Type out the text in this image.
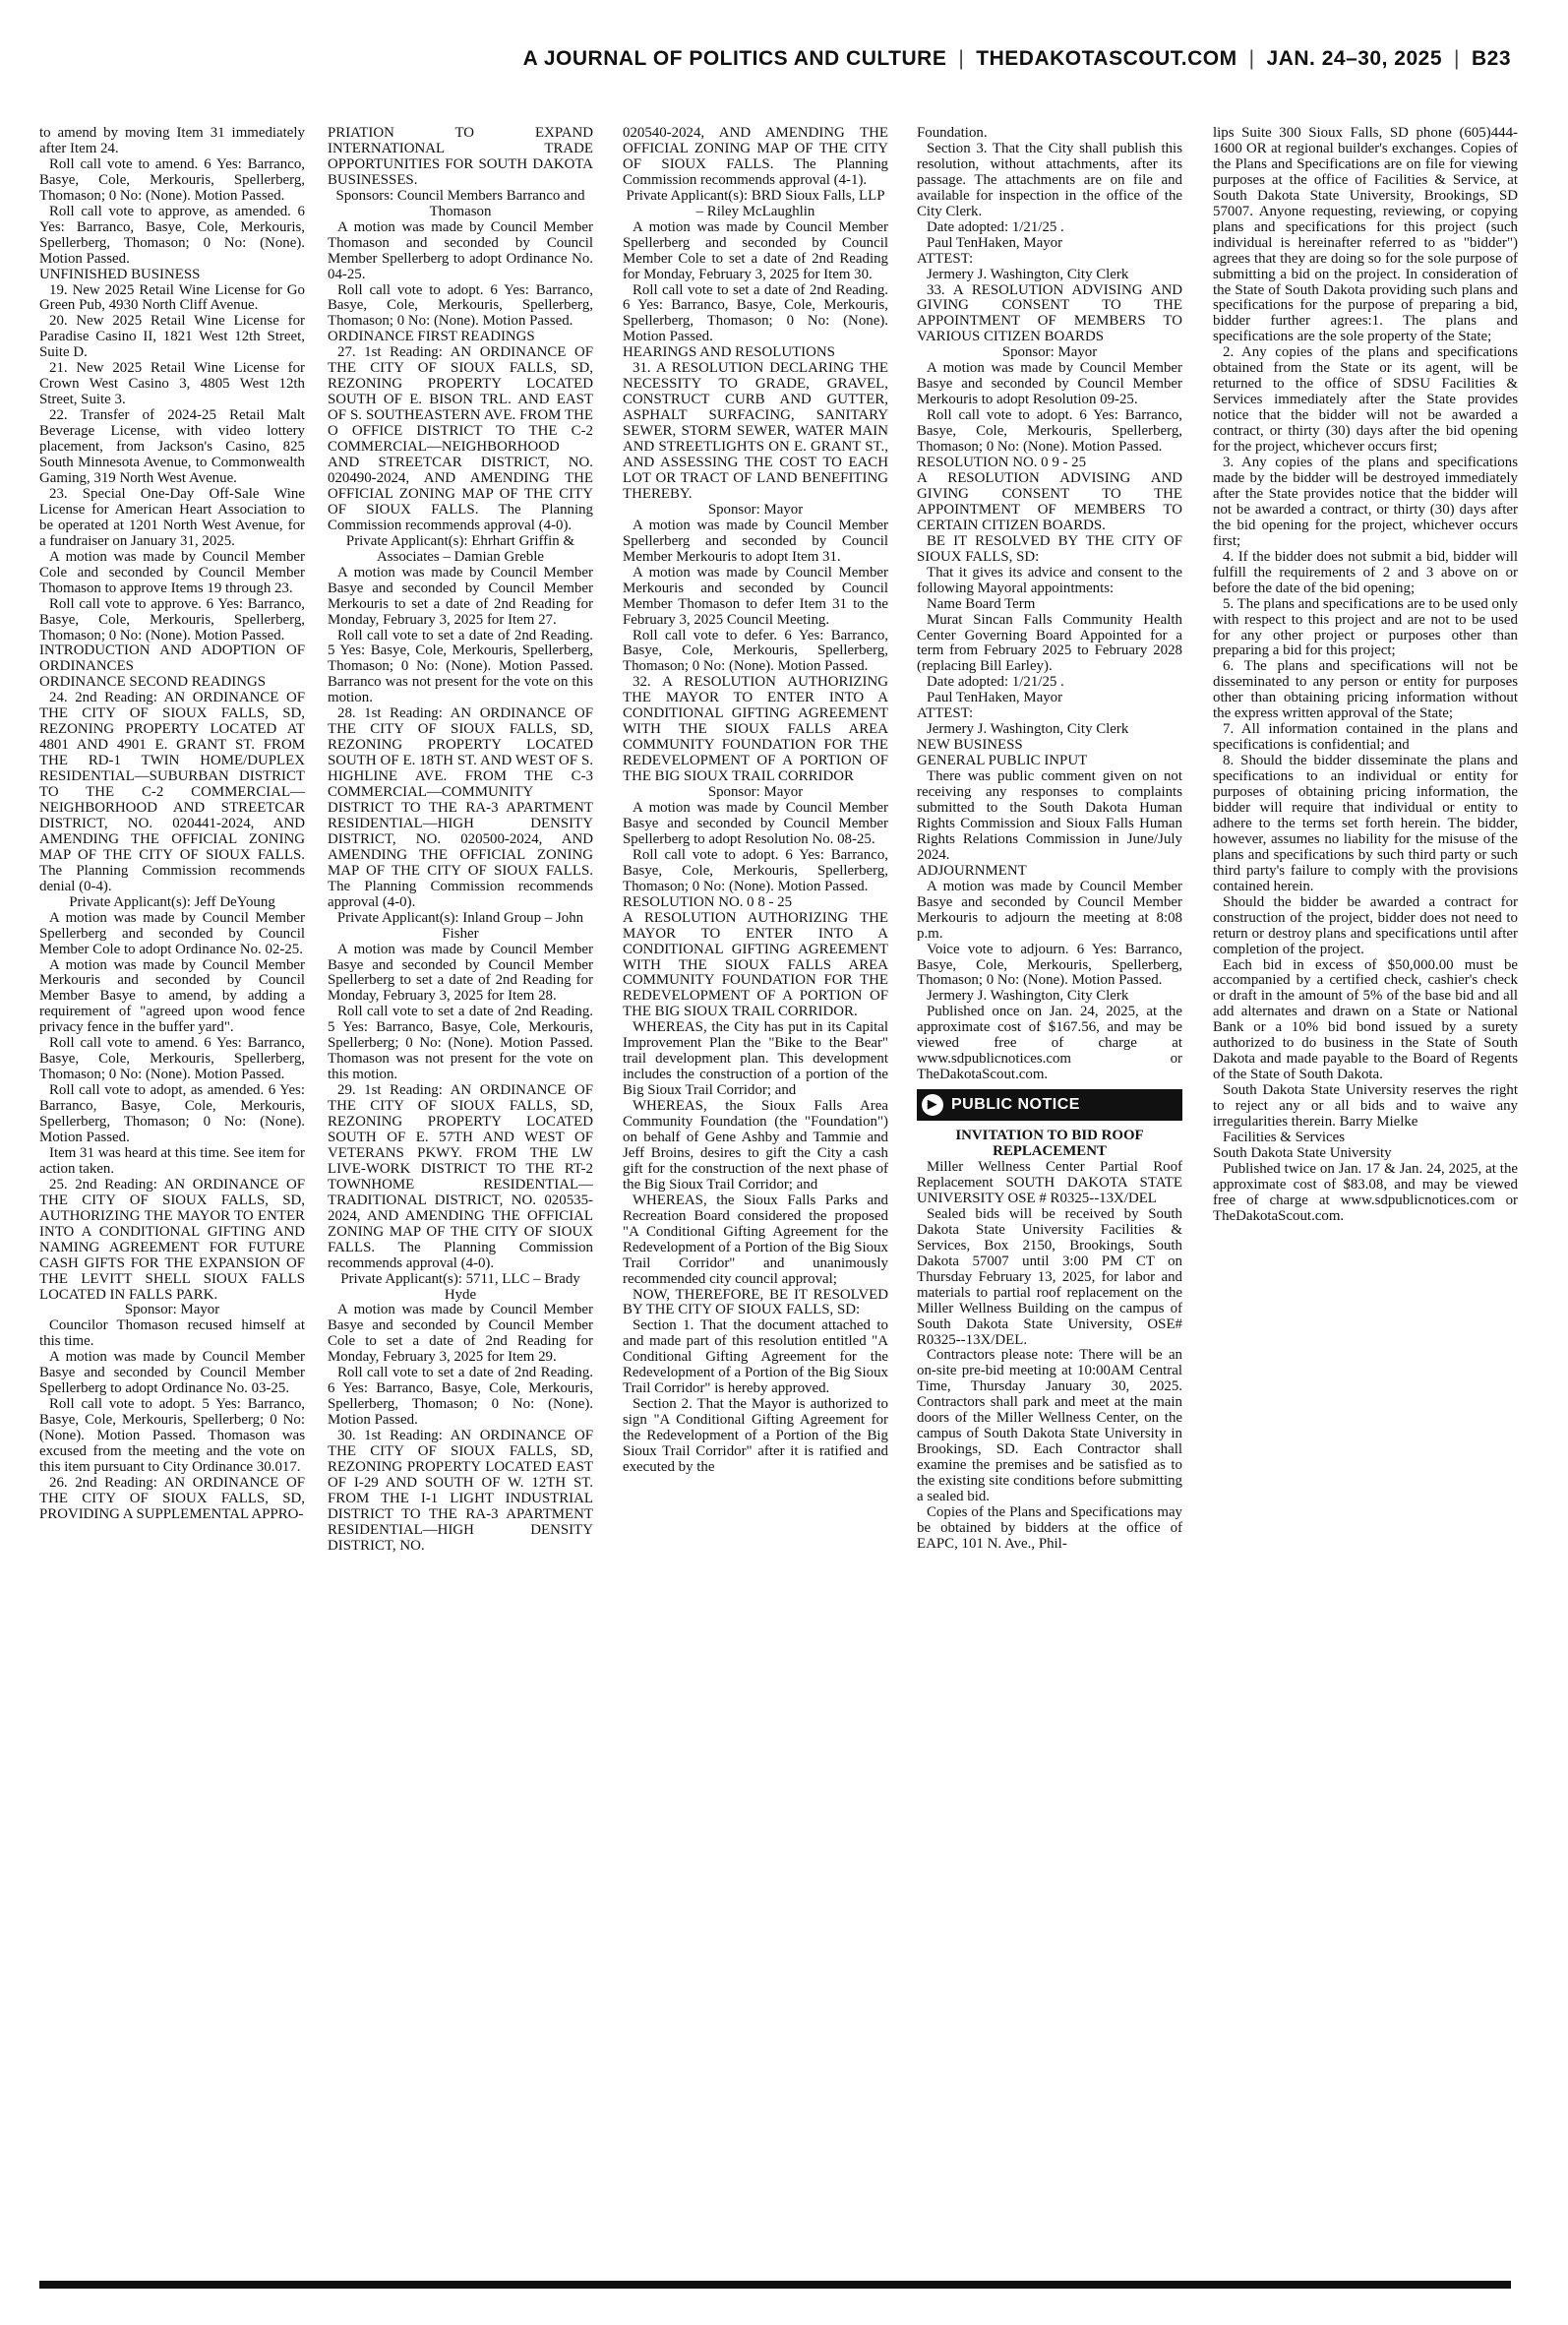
A JOURNAL OF POLITICS AND CULTURE | THEDAKOTASCOUT.COM | JAN. 24–30, 2025 | B23

to amend by moving Item 31 immediately after Item 24.

Roll call vote to amend. 6 Yes: Barranco, Basye, Cole, Merkouris, Spellerberg, Thomason; 0 No: (None). Motion Passed.

Roll call vote to approve, as amended. 6 Yes: Barranco, Basye, Cole, Merkouris, Spellerberg, Thomason; 0 No: (None). Motion Passed.

UNFINISHED BUSINESS

19. New 2025 Retail Wine License for Go Green Pub, 4930 North Cliff Avenue.

20. New 2025 Retail Wine License for Paradise Casino II, 1821 West 12th Street, Suite D.

21. New 2025 Retail Wine License for Crown West Casino 3, 4805 West 12th Street, Suite 3.

22. Transfer of 2024-25 Retail Malt Beverage License, with video lottery placement, from Jackson's Casino, 825 South Minnesota Avenue, to Commonwealth Gaming, 319 North West Avenue.

23. Special One-Day Off-Sale Wine License for American Heart Association to be operated at 1201 North West Avenue, for a fundraiser on January 31, 2025.

A motion was made by Council Member Cole and seconded by Council Member Thomason to approve Items 19 through 23.

Roll call vote to approve. 6 Yes: Barranco, Basye, Cole, Merkouris, Spellerberg, Thomason; 0 No: (None). Motion Passed.

INTRODUCTION AND ADOPTION OF ORDINANCES

ORDINANCE SECOND READINGS

24. 2nd Reading: AN ORDINANCE OF THE CITY OF SIOUX FALLS, SD, REZONING PROPERTY LOCATED AT 4801 AND 4901 E. GRANT ST. FROM THE RD-1 TWIN HOME/DUPLEX RESIDENTIAL—SUBURBAN DISTRICT TO THE C-2 COMMERCIAL—NEIGHBORHOOD AND STREETCAR DISTRICT, NO. 020441-2024, AND AMENDING THE OFFICIAL ZONING MAP OF THE CITY OF SIOUX FALLS. The Planning Commission recommends denial (0-4).

Private Applicant(s): Jeff DeYoung

A motion was made by Council Member Spellerberg and seconded by Council Member Cole to adopt Ordinance No. 02-25.

A motion was made by Council Member Merkouris and seconded by Council Member Basye to amend, by adding a requirement of "agreed upon wood fence privacy fence in the buffer yard".

Roll call vote to amend. 6 Yes: Barranco, Basye, Cole, Merkouris, Spellerberg, Thomason; 0 No: (None). Motion Passed.

Roll call vote to adopt, as amended. 6 Yes: Barranco, Basye, Cole, Merkouris, Spellerberg, Thomason; 0 No: (None). Motion Passed.

Item 31 was heard at this time. See item for action taken.

25. 2nd Reading: AN ORDINANCE OF THE CITY OF SIOUX FALLS, SD, AUTHORIZING THE MAYOR TO ENTER INTO A CONDITIONAL GIFTING AND NAMING AGREEMENT FOR FUTURE CASH GIFTS FOR THE EXPANSION OF THE LEVITT SHELL SIOUX FALLS LOCATED IN FALLS PARK.

Sponsor: Mayor

Councilor Thomason recused himself at this time.

A motion was made by Council Member Basye and seconded by Council Member Spellerberg to adopt Ordinance No. 03-25.

Roll call vote to adopt. 5 Yes: Barranco, Basye, Cole, Merkouris, Spellerberg; 0 No: (None). Motion Passed. Thomason was excused from the meeting and the vote on this item pursuant to City Ordinance 30.017.

26. 2nd Reading: AN ORDINANCE OF THE CITY OF SIOUX FALLS, SD, PROVIDING A SUPPLEMENTAL APPRO-

PRIATION TO EXPAND INTERNATIONAL TRADE OPPORTUNITIES FOR SOUTH DAKOTA BUSINESSES.

Sponsors: Council Members Barranco and Thomason

A motion was made by Council Member Thomason and seconded by Council Member Spellerberg to adopt Ordinance No. 04-25.

Roll call vote to adopt. 6 Yes: Barranco, Basye, Cole, Merkouris, Spellerberg, Thomason; 0 No: (None). Motion Passed.

ORDINANCE FIRST READINGS

27. 1st Reading: AN ORDINANCE OF THE CITY OF SIOUX FALLS, SD, REZONING PROPERTY LOCATED SOUTH OF E. BISON TRL. AND EAST OF S. SOUTHEASTERN AVE. FROM THE O OFFICE DISTRICT TO THE C-2 COMMERCIAL—NEIGHBORHOOD AND STREETCAR DISTRICT, NO. 020490-2024, AND AMENDING THE OFFICIAL ZONING MAP OF THE CITY OF SIOUX FALLS. The Planning Commission recommends approval (4-0).

Private Applicant(s): Ehrhart Griffin & Associates – Damian Greble

A motion was made by Council Member Basye and seconded by Council Member Merkouris to set a date of 2nd Reading for Monday, February 3, 2025 for Item 27.

Roll call vote to set a date of 2nd Reading. 5 Yes: Basye, Cole, Merkouris, Spellerberg, Thomason; 0 No: (None). Motion Passed. Barranco was not present for the vote on this motion.

28. 1st Reading: AN ORDINANCE OF THE CITY OF SIOUX FALLS, SD, REZONING PROPERTY LOCATED SOUTH OF E. 18TH ST. AND WEST OF S. HIGHLINE AVE. FROM THE C-3 COMMERCIAL—COMMUNITY DISTRICT TO THE RA-3 APARTMENT RESIDENTIAL—HIGH DENSITY DISTRICT, NO. 020500-2024, AND AMENDING THE OFFICIAL ZONING MAP OF THE CITY OF SIOUX FALLS. The Planning Commission recommends approval (4-0).

Private Applicant(s): Inland Group – John Fisher

A motion was made by Council Member Basye and seconded by Council Member Spellerberg to set a date of 2nd Reading for Monday, February 3, 2025 for Item 28.

Roll call vote to set a date of 2nd Reading. 5 Yes: Barranco, Basye, Cole, Merkouris, Spellerberg; 0 No: (None). Motion Passed. Thomason was not present for the vote on this motion.

29. 1st Reading: AN ORDINANCE OF THE CITY OF SIOUX FALLS, SD, REZONING PROPERTY LOCATED SOUTH OF E. 57TH AND WEST OF VETERANS PKWY. FROM THE LW LIVE-WORK DISTRICT TO THE RT-2 TOWNHOME RESIDENTIAL—TRADITIONAL DISTRICT, NO. 020535-2024, AND AMENDING THE OFFICIAL ZONING MAP OF THE CITY OF SIOUX FALLS. The Planning Commission recommends approval (4-0).

Private Applicant(s): 5711, LLC – Brady Hyde

A motion was made by Council Member Basye and seconded by Council Member Cole to set a date of 2nd Reading for Monday, February 3, 2025 for Item 29.

Roll call vote to set a date of 2nd Reading. 6 Yes: Barranco, Basye, Cole, Merkouris, Spellerberg, Thomason; 0 No: (None). Motion Passed.

30. 1st Reading: AN ORDINANCE OF THE CITY OF SIOUX FALLS, SD, REZONING PROPERTY LOCATED EAST OF I-29 AND SOUTH OF W. 12TH ST. FROM THE I-1 LIGHT INDUSTRIAL DISTRICT TO THE RA-3 APARTMENT RESIDENTIAL—HIGH DENSITY DISTRICT, NO.

020540-2024, AND AMENDING THE OFFICIAL ZONING MAP OF THE CITY OF SIOUX FALLS. The Planning Commission recommends approval (4-1).

Private Applicant(s): BRD Sioux Falls, LLP – Riley McLaughlin

A motion was made by Council Member Spellerberg and seconded by Council Member Cole to set a date of 2nd Reading for Monday, February 3, 2025 for Item 30.

Roll call vote to set a date of 2nd Reading. 6 Yes: Barranco, Basye, Cole, Merkouris, Spellerberg, Thomason; 0 No: (None). Motion Passed.

HEARINGS AND RESOLUTIONS

31. A RESOLUTION DECLARING THE NECESSITY TO GRADE, GRAVEL, CONSTRUCT CURB AND GUTTER, ASPHALT SURFACING, SANITARY SEWER, STORM SEWER, WATER MAIN AND STREETLIGHTS ON E. GRANT ST., AND ASSESSING THE COST TO EACH LOT OR TRACT OF LAND BENEFITING THEREBY.

Sponsor: Mayor

A motion was made by Council Member Spellerberg and seconded by Council Member Merkouris to adopt Item 31.

A motion was made by Council Member Merkouris and seconded by Council Member Thomason to defer Item 31 to the February 3, 2025 Council Meeting.

Roll call vote to defer. 6 Yes: Barranco, Basye, Cole, Merkouris, Spellerberg, Thomason; 0 No: (None). Motion Passed.

32. A RESOLUTION AUTHORIZING THE MAYOR TO ENTER INTO A CONDITIONAL GIFTING AGREEMENT WITH THE SIOUX FALLS AREA COMMUNITY FOUNDATION FOR THE REDEVELOPMENT OF A PORTION OF THE BIG SIOUX TRAIL CORRIDOR

Sponsor: Mayor

A motion was made by Council Member Basye and seconded by Council Member Spellerberg to adopt Resolution No. 08-25.

Roll call vote to adopt. 6 Yes: Barranco, Basye, Cole, Merkouris, Spellerberg, Thomason; 0 No: (None). Motion Passed.

RESOLUTION NO. 0 8 - 25

A RESOLUTION AUTHORIZING THE MAYOR TO ENTER INTO A CONDITIONAL GIFTING AGREEMENT WITH THE SIOUX FALLS AREA COMMUNITY FOUNDATION FOR THE REDEVELOPMENT OF A PORTION OF THE BIG SIOUX TRAIL CORRIDOR.

WHEREAS, the City has put in its Capital Improvement Plan the "Bike to the Bear" trail development plan. This development includes the construction of a portion of the Big Sioux Trail Corridor; and

WHEREAS, the Sioux Falls Area Community Foundation (the "Foundation") on behalf of Gene Ashby and Tammie and Jeff Broins, desires to gift the City a cash gift for the construction of the next phase of the Big Sioux Trail Corridor; and

WHEREAS, the Sioux Falls Parks and Recreation Board considered the proposed "A Conditional Gifting Agreement for the Redevelopment of a Portion of the Big Sioux Trail Corridor" and unanimously recommended city council approval;

NOW, THEREFORE, BE IT RESOLVED BY THE CITY OF SIOUX FALLS, SD:

Section 1. That the document attached to and made part of this resolution entitled "A Conditional Gifting Agreement for the Redevelopment of a Portion of the Big Sioux Trail Corridor" is hereby approved.

Section 2. That the Mayor is authorized to sign "A Conditional Gifting Agreement for the Redevelopment of a Portion of the Big Sioux Trail Corridor" after it is ratified and executed by the

Foundation.

Section 3. That the City shall publish this resolution, without attachments, after its passage. The attachments are on file and available for inspection in the office of the City Clerk.

Date adopted: 1/21/25 .

Paul TenHaken, Mayor

ATTEST:

Jermery J. Washington, City Clerk

33. A RESOLUTION ADVISING AND GIVING CONSENT TO THE APPOINTMENT OF MEMBERS TO VARIOUS CITIZEN BOARDS

Sponsor: Mayor

A motion was made by Council Member Basye and seconded by Council Member Merkouris to adopt Resolution 09-25.

Roll call vote to adopt. 6 Yes: Barranco, Basye, Cole, Merkouris, Spellerberg, Thomason; 0 No: (None). Motion Passed.

RESOLUTION NO. 0 9 - 25

A RESOLUTION ADVISING AND GIVING CONSENT TO THE APPOINTMENT OF MEMBERS TO CERTAIN CITIZEN BOARDS.

BE IT RESOLVED BY THE CITY OF SIOUX FALLS, SD:

That it gives its advice and consent to the following Mayoral appointments:

Name Board Term

Murat Sincan Falls Community Health Center Governing Board Appointed for a term from February 2025 to February 2028 (replacing Bill Earley).

Date adopted: 1/21/25 .

Paul TenHaken, Mayor

ATTEST:

Jermery J. Washington, City Clerk

NEW BUSINESS

GENERAL PUBLIC INPUT

There was public comment given on not receiving any responses to complaints submitted to the South Dakota Human Rights Commission and Sioux Falls Human Rights Relations Commission in June/July 2024.

ADJOURNMENT

A motion was made by Council Member Basye and seconded by Council Member Merkouris to adjourn the meeting at 8:08 p.m.

Voice vote to adjourn. 6 Yes: Barranco, Basye, Cole, Merkouris, Spellerberg, Thomason; 0 No: (None). Motion Passed.

Jermery J. Washington, City Clerk

Published once on Jan. 24, 2025, at the approximate cost of $167.56, and may be viewed free of charge at www.sdpublicnotices.com or TheDakotaScout.com.

▶ PUBLIC NOTICE

INVITATION TO BID ROOF REPLACEMENT

Miller Wellness Center Partial Roof Replacement SOUTH DAKOTA STATE UNIVERSITY OSE # R0325--13X/DEL

Sealed bids will be received by South Dakota State University Facilities & Services, Box 2150, Brookings, South Dakota 57007 until 3:00 PM CT on Thursday February 13, 2025, for labor and materials to partial roof replacement on the Miller Wellness Building on the campus of South Dakota State University, OSE# R0325--13X/DEL.

Contractors please note: There will be an on-site pre-bid meeting at 10:00AM Central Time, Thursday January 30, 2025. Contractors shall park and meet at the main doors of the Miller Wellness Center, on the campus of South Dakota State University in Brookings, SD. Each Contractor shall examine the premises and be satisfied as to the existing site conditions before submitting a sealed bid.

Copies of the Plans and Specifications may be obtained by bidders at the office of EAPC, 101 N. Ave., Phil-

lips Suite 300 Sioux Falls, SD phone (605)444-1600 OR at regional builder's exchanges. Copies of the Plans and Specifications are on file for viewing purposes at the office of Facilities & Service, at South Dakota State University, Brookings, SD 57007. Anyone requesting, reviewing, or copying plans and specifications for this project (such individual is hereinafter referred to as "bidder") agrees that they are doing so for the sole purpose of submitting a bid on the project. In consideration of the State of South Dakota providing such plans and specifications for the purpose of preparing a bid, bidder further agrees:1. The plans and specifications are the sole property of the State;

2. Any copies of the plans and specifications obtained from the State or its agent, will be returned to the office of SDSU Facilities & Services immediately after the State provides notice that the bidder will not be awarded a contract, or thirty (30) days after the bid opening for the project, whichever occurs first;

3. Any copies of the plans and specifications made by the bidder will be destroyed immediately after the State provides notice that the bidder will not be awarded a contract, or thirty (30) days after the bid opening for the project, whichever occurs first;

4. If the bidder does not submit a bid, bidder will fulfill the requirements of 2 and 3 above on or before the date of the bid opening;

5. The plans and specifications are to be used only with respect to this project and are not to be used for any other project or purposes other than preparing a bid for this project;

6. The plans and specifications will not be disseminated to any person or entity for purposes other than obtaining pricing information without the express written approval of the State;

7. All information contained in the plans and specifications is confidential; and

8. Should the bidder disseminate the plans and specifications to an individual or entity for purposes of obtaining pricing information, the bidder will require that individual or entity to adhere to the terms set forth herein. The bidder, however, assumes no liability for the misuse of the plans and specifications by such third party or such third party's failure to comply with the provisions contained herein.

Should the bidder be awarded a contract for construction of the project, bidder does not need to return or destroy plans and specifications until after completion of the project.

Each bid in excess of $50,000.00 must be accompanied by a certified check, cashier's check or draft in the amount of 5% of the base bid and all add alternates and drawn on a State or National Bank or a 10% bid bond issued by a surety authorized to do business in the State of South Dakota and made payable to the Board of Regents of the State of South Dakota.

South Dakota State University reserves the right to reject any or all bids and to waive any irregularities therein. Barry Mielke

Facilities & Services

South Dakota State University

Published twice on Jan. 17 & Jan. 24, 2025, at the approximate cost of $83.08, and may be viewed free of charge at www.sdpublicnotices.com or TheDakotaScout.com.
